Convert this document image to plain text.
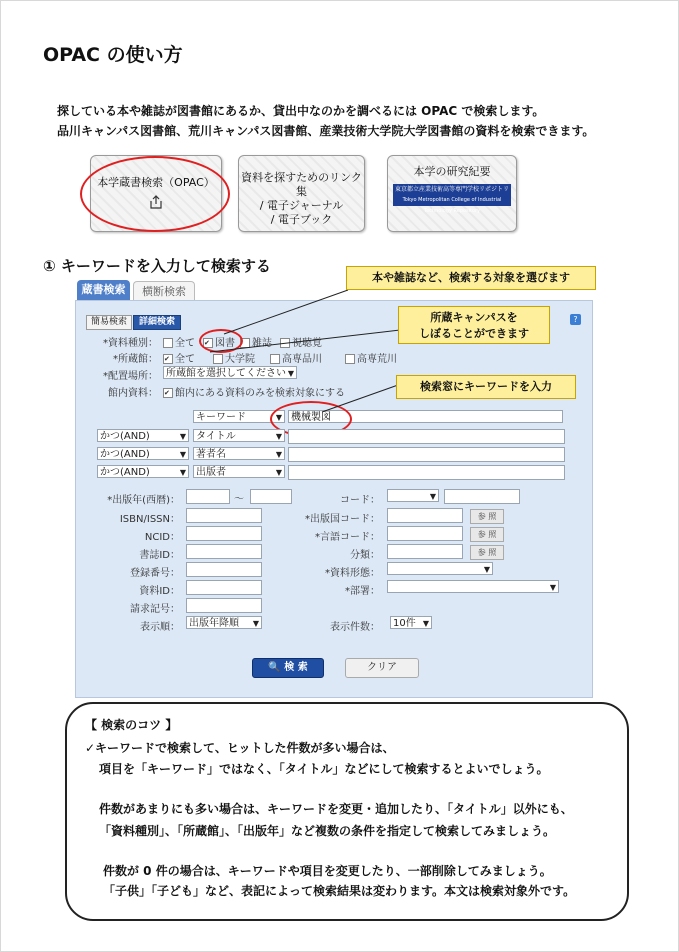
OPAC の使い方
探している本や雑誌が図書館にあるか、貸出中なのかを調べるには OPAC で検索します。
品川キャンパス図書館、荒川キャンパス図書館、産業技術大学院大学図書館の資料を検索できます。
本学蔵書検索（OPAC）	資料を探すためのリンク集
/ 電子ジャーナル
/ 電子ブック
本学の研究紀要
東京都立産業技術高等専門学校リポジトリ
Tokyo Metropolitan College of Industrial Technology Repository
① キーワードを入力して検索する
蔵書検索	横断検索
簡易検索	詳細検索	?
*資料種別：	全て ✔ 図書	雑誌	視聴覚
*所蔵館： ✔ 全て	大学院	高専品川	高専荒川
*配置場所： 所蔵館を選択してください ▼
館内資料： ✔ 館内にある資料のみを検索対象にする
キーワード	▼ 機械製図
かつ(AND)	▼	タイトル	▼
かつ(AND)	▼	著者名	▼
かつ(AND)	▼	出版者	▼
*出版年(西暦)：	〜
ISBN/ISSN：
NCID：
書誌ID：
登録番号：
資料ID：
請求記号：
表示順： 出版年降順 ▼
コード：	▼
*出版国コード：	参 照
*言語コード：	参 照
分類：	参 照
*資料形態：	▼
*部署：	▼
表示件数：	10件 ▼
🔍 検 索	クリア
本や雑誌など、検索する対象を選びます
所蔵キャンパスを
しぼることができます
検索窓にキーワードを入力
【 検索のコツ 】
✓キーワードで検索して、ヒットした件数が多い場合は、
項目を「キーワード」ではなく、「タイトル」などにして検索するとよいでしょう。
件数があまりにも多い場合は、キーワードを変更・追加したり、「タイトル」以外にも、
「資料種別」、「所蔵館」、「出版年」など複数の条件を指定して検索してみましょう。
件数が 0 件の場合は、キーワードや項目を変更したり、一部削除してみましょう。
「子供」「子ども」など、表記によって検索結果は変わります。本文は検索対象外です。
